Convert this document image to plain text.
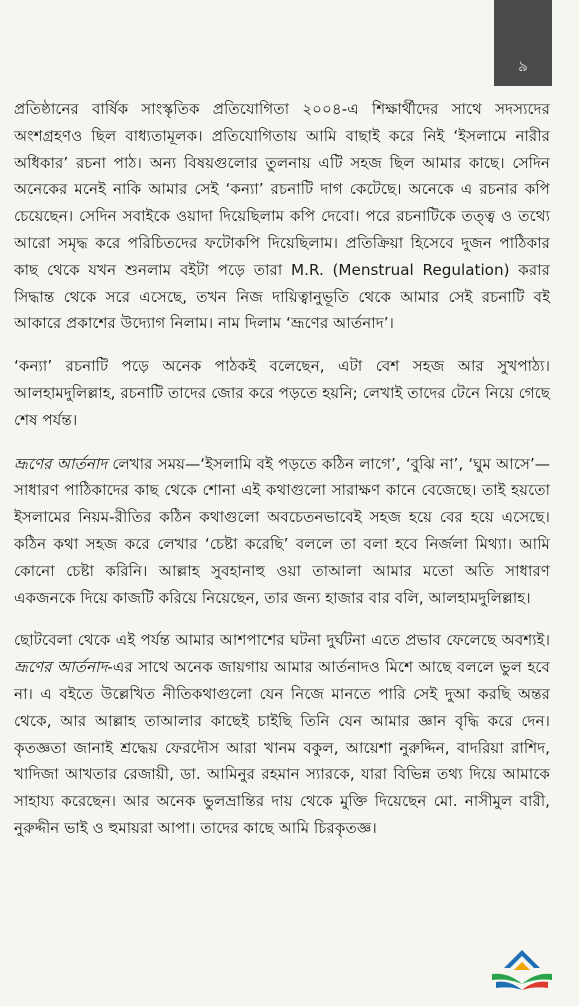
৯

প্রতিষ্ঠানের বার্ষিক সাংস্কৃতিক প্রতিযোগিতা ২০০৪-এ শিক্ষার্থীদের সাথে সদস্যদের অংশগ্রহণও ছিল বাধ্যতামূলক। প্রতিযোগিতায় আমি বাছাই করে নিই ‘ইসলামে নারীর অধিকার’ রচনা পাঠ। অন্য বিষয়গুলোর তুলনায় এটি সহজ ছিল আমার কাছে। সেদিন অনেকের মনেই নাকি আমার সেই ‘কন্যা’ রচনাটি দাগ কেটেছে। অনেকে এ রচনার কপি চেয়েছেন। সেদিন সবাইকে ওয়াদা দিয়েছিলাম কপি দেবো। পরে রচনাটিকে তত্ত্ব ও তথ্যে আরো সমৃদ্ধ করে পরিচিতদের ফটোকপি দিয়েছিলাম। প্রতিক্রিয়া হিসেবে দুজন পাঠিকার কাছ থেকে যখন শুনলাম বইটা পড়ে তারা M.R. (Menstrual Regulation) করার সিদ্ধান্ত থেকে সরে এসেছে, তখন নিজ দায়িত্বানুভূতি থেকে আমার সেই রচনাটি বই আকারে প্রকাশের উদ্যোগ নিলাম। নাম দিলাম ‘ভ্রূণের আর্তনাদ’।

‘কন্যা’ রচনাটি পড়ে অনেক পাঠকই বলেছেন, এটা বেশ সহজ আর সুখপাঠ্য। আলহামদুলিল্লাহ, রচনাটি তাদের জোর করে পড়তে হয়নি; লেখাই তাদের টেনে নিয়ে গেছে শেষ পর্যন্ত।

ভ্রূণের আর্তনাদ লেখার সময়—‘ইসলামি বই পড়তে কঠিন লাগে’, ‘বুঝি না’, ‘ঘুম আসে’—সাধারণ পাঠিকাদের কাছ থেকে শোনা এই কথাগুলো সারাক্ষণ কানে বেজেছে। তাই হয়তো ইসলামের নিয়ম-রীতির কঠিন কথাগুলো অবচেতনভাবেই সহজ হয়ে বের হয়ে এসেছে। কঠিন কথা সহজ করে লেখার ‘চেষ্টা করেছি’ বললে তা বলা হবে নির্জলা মিথ্যা। আমি কোনো চেষ্টা করিনি। আল্লাহ সুবহানাহু ওয়া তাআলা আমার মতো অতি সাধারণ একজনকে দিয়ে কাজটি করিয়ে নিয়েছেন, তার জন্য হাজার বার বলি, আলহামদুলিল্লাহ।

ছোটবেলা থেকে এই পর্যন্ত আমার আশপাশের ঘটনা দুর্ঘটনা এতে প্রভাব ফেলেছে অবশ্যই। ভ্রূণের আর্তনাদ-এর সাথে অনেক জায়গায় আমার আর্তনাদও মিশে আছে বললে ভুল হবে না। এ বইতে উল্লেখিত নীতিকথাগুলো যেন নিজে মানতে পারি সেই দুআ করছি অন্তর থেকে, আর আল্লাহ তাআলার কাছেই চাইছি তিনি যেন আমার জ্ঞান বৃদ্ধি করে দেন। কৃতজ্ঞতা জানাই শ্রদ্ধেয় ফেরদৌস আরা খানম বকুল, আয়েশা নুরুদ্দিন, বাদরিয়া রাশিদ, খাদিজা আখতার রেজায়ী, ডা. আমিনুর রহমান স্যারকে, যারা বিভিন্ন তথ্য দিয়ে আমাকে সাহায্য করেছেন। আর অনেক ভুলভ্রান্তির দায় থেকে মুক্তি দিয়েছেন মো. নাসীমুল বারী, নুরুদ্দীন ভাই ও হুমায়রা আপা। তাদের কাছে আমি চিরকৃতজ্ঞ।
